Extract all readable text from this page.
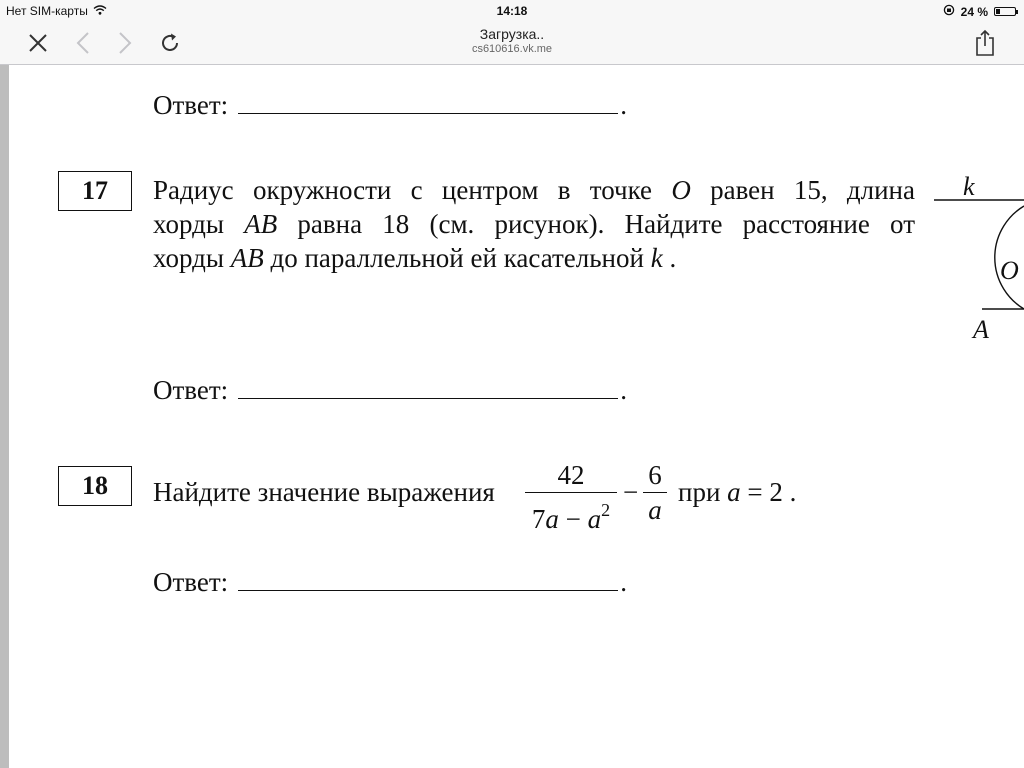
Нет SIM-карты	14:18	24 %
Загрузка..
cs610616.vk.me
Ответ:	.
17	Радиус окружности с центром в точке O равен 15, длина
хорды AB равна 18 (см. рисунок). Найдите расстояние от
хорды AB до параллельной ей касательной k .
k
O
A
Ответ:	.
18	Найдите значение выражения
42
$7a - a^2$
−
6
a
при a = 2 .
Ответ:	.
